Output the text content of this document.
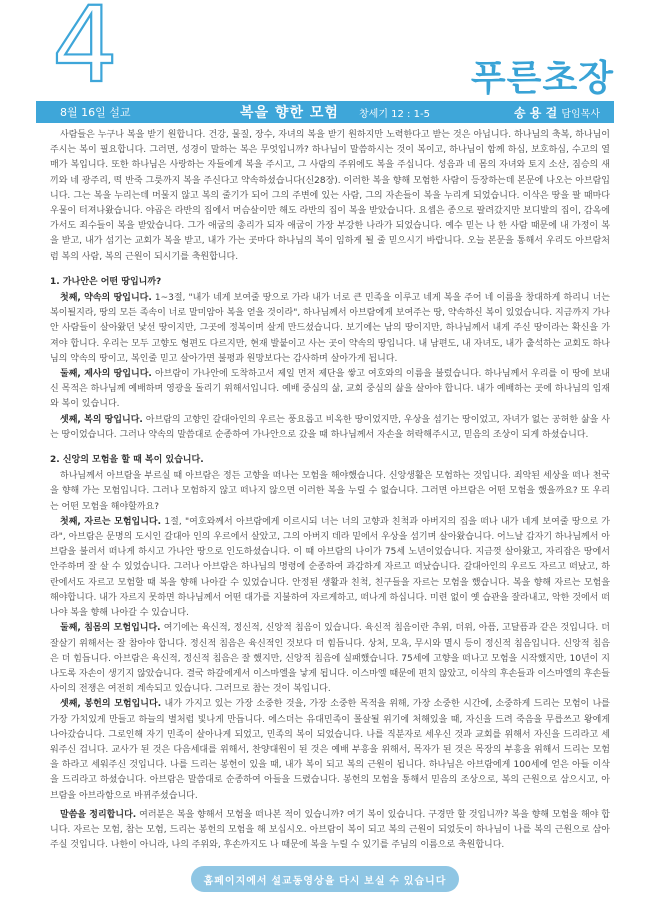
4	푸른초장
8월 16일 설교	복을 향한 모험 창세기 12 : 1-5	송 용 걸 담임목사

사람들은 누구나 복을 받기 원합니다. 건강, 물질, 장수, 자녀의 복을 받기 원하지만 노력한다고 받는 것은 아닙니다. 하나님의 축복, 하나님이 주시는 복이 필요합니다. 그러면, 성경이 말하는 복은 무엇입니까? 하나님이 말씀하시는 것이 복이고, 하나님이 함께 하심, 보호하심, 수고의 열매가 복입니다. 또한 하나님은 사랑하는 자들에게 복을 주시고, 그 사람의 주위에도 복을 주십니다. 성음과 네 몸의 자녀와 토지 소산, 짐승의 새끼와 네 광주리, 떡 반죽 그릇까지 복을 주신다고 약속하셨습니다(신28장). 이러한 복을 향해 모험한 사람이 등장하는데 본문에 나오는 아브람입니다. 그는 복을 누리는데 머물지 않고 복의 줄기가 되어 그의 주변에 있는 사람, 그의 자손들이 복을 누리게 되었습니다. 이삭은 땅을 팔 때마다 우물이 터져나왔습니다. 야곱은 라반의 집에서 머슴살이만 해도 라반의 집이 복을 받았습니다. 요셉은 종으로 팔려갔지만 보디발의 집이, 감옥에 가서도 죄수들이 복을 받았습니다. 그가 애굽의 총리가 되자 애굽이 가장 부강한 나라가 되었습니다. 예수 믿는 나 한 사람 때문에 내 가정이 복을 받고, 내가 섬기는 교회가 복을 받고, 내가 가는 곳마다 하나님의 복이 임하게 될 줄 믿으시기 바랍니다. 오늘 본문을 통해서 우리도 아브람처럼 복의 사람, 복의 근원이 되시기를 축원합니다.

1. 가나안은 어떤 땅입니까?

첫째, 약속의 땅입니다. 1~3절, "내가 네게 보여줄 땅으로 가라 내가 너로 큰 민족을 이루고 네게 복을 주어 네 이름을 창대하게 하리니 너는 복이될지라, 땅의 모든 족속이 너로 말미암아 복을 얻을 것이라", 하나님께서 아브람에게 보여주는 땅, 약속하신 복이 있었습니다. 지금까지 가나안 사람들이 살아왔던 낯선 땅이지만, 그곳에 정복이며 살게 만드셨습니다. 보기에는 남의 땅이지만, 하나님께서 내게 주신 땅이라는 확신을 가져야 합니다. 우리는 모두 고향도 형편도 다르지만, 현재 발붙이고 사는 곳이 약속의 땅입니다. 내 남편도, 내 자녀도, 내가 출석하는 교회도 하나님의 약속의 땅이고, 복인줄 믿고 살아가면 불평과 원망보다는 감사하며 살아가게 됩니다.

둘째, 제사의 땅입니다. 아브람이 가나안에 도착하고서 제일 먼저 제단을 쌓고 여호와의 이름을 불렀습니다. 하나님께서 우리를 이 땅에 보내신 목적은 하나님께 예배하며 영광을 돌리기 위해서입니다. 예배 중심의 삶, 교회 중심의 삶을 살아야 합니다. 내가 예배하는 곳에 하나님의 임재와 복이 있습니다.

셋째, 복의 땅입니다. 아브람의 고향인 갈대아인의 우르는 풍요롭고 비옥한 땅이었지만, 우상을 섬기는 땅이었고, 자녀가 없는 공허한 삶을 사는 땅이었습니다. 그러나 약속의 말씀대로 순종하여 가나안으로 갔을 때 하나님께서 자손을 허락해주시고, 믿음의 조상이 되게 하셨습니다.

2. 신앙의 모험을 할 때 복이 있습니다.

하나님께서 아브람을 부르실 때 아브람은 정든 고향을 떠나는 모험을 해야했습니다. 신앙생활은 모험하는 것입니다. 죄악된 세상을 떠나 천국을 향해 가는 모험입니다. 그러나 모험하지 않고 떠나지 않으면 이러한 복을 누릴 수 없습니다. 그러면 아브람은 어떤 모험을 했을까요? 또 우리는 어떤 모험을 해야할까요?

첫째, 자르는 모험입니다. 1절, "여호와께서 아브람에게 이르시되 너는 너의 고향과 친척과 아버지의 집을 떠나 내가 네게 보여줄 땅으로 가라", 아브람은 문명의 도시인 갈대아 인의 우르에서 살았고, 그의 아버지 데라 밑에서 우상을 섬기며 살아왔습니다. 어느날 갑자기 하나님께서 아브람을 불러서 떠나게 하시고 가나안 땅으로 인도하셨습니다. 이 때 아브람의 나이가 75세 노년이었습니다. 지금껏 살아왔고, 자리잡은 땅에서 안주하며 잘 살 수 있었습니다. 그러나 아브람은 하나님의 명령에 순종하여 과감하게 자르고 떠났습니다. 갈대아인의 우르도 자르고 떠났고, 하란에서도 자르고 모험할 때 복을 향해 나아갈 수 있었습니다. 안정된 생활과 친척, 친구들을 자르는 모험을 했습니다. 복을 향해 자르는 모험을 해야합니다. 내가 자르지 못하면 하나님께서 어떤 대가를 지불하여 자르게하고, 떠나게 하십니다. 미련 없이 옛 습관을 잘라내고, 악한 것에서 떠나야 복을 향해 나아갈 수 있습니다.

둘째, 침몸의 모험입니다. 여기에는 육신적, 정신적, 신앙적 침음이 있습니다. 육신적 침음이란 추위, 더위, 아픔, 고달픔과 같은 것입니다. 더 잘살기 위해서는 잘 참아야 합니다. 정신적 침음은 육신적인 것보다 더 힘듭니다. 상처, 모욕, 무시와 멸시 등이 정신적 침음입니다. 신앙적 침음은 더 힘듭니다. 아브람은 육신적, 정신적 침음은 잘 했지만, 신앙적 침음에 실패했습니다. 75세에 고향을 떠나고 모험을 시작했지만, 10년이 지나도록 자손이 생기지 않았습니다. 결국 하갈에게서 이스마엘을 낳게 됩니다. 이스마엘 때문에 편치 않았고, 이삭의 후손들과 이스마엘의 후손들 사이의 전쟁은 여전히 계속되고 있습니다. 그러므로 참는 것이 복입니다.

셋째, 봉헌의 모험입니다. 내가 가지고 있는 가장 소중한 것을, 가장 소중한 목적을 위해, 가장 소중한 시간에, 소중하게 드리는 모험이 나를 가장 가치있게 만들고 하늘의 별처럼 빛나게 만듭니다. 에스더는 유대민족이 몰살될 위기에 처해있을 때, 자신을 드려 죽음을 무릅쓰고 왕에게 나아갔습니다. 그로인해 자기 민족이 살아나게 되었고, 민족의 복이 되었습니다. 나를 직분자로 세우신 것과 교회를 위해서 자신을 드리라고 세워주신 겁니다. 교사가 된 것은 다음세대를 위해서, 찬양대원이 된 것은 예배 부흥을 위해서, 목자가 된 것은 목장의 부흥을 위해서 드리는 모험을 하라고 세워주신 것입니다. 나를 드리는 봉헌이 있을 때, 내가 복이 되고 복의 근원이 됩니다. 하나님은 아브람에게 100세에 얻은 아들 이삭을 드리라고 하셨습니다. 아브람은 말씀대로 순종하여 아들을 드렸습니다. 봉헌의 모험을 통해서 믿음의 조상으로, 복의 근원으로 삼으시고, 아브람을 아브라함으로 바뀌주셨습니다.

말씀을 정리합니다. 여러분은 복을 향해서 모험을 떠나본 적이 있습니까? 여기 복이 있습니다. 구경만 할 것입니까? 복을 향해 모험을 해야 합니다. 자르는 모험, 참는 모험, 드리는 봉헌의 모험을 해 보십시오. 아브람이 복이 되고 복의 근원이 되었듯이 하나님이 나를 복의 근원으로 삼아주실 것입니다. 나한이 아니라, 나의 주위와, 후손까지도 나 때문에 복을 누릴 수 있기를 주님의 이름으로 축원합니다.

홈페이지에서 설교동영상을 다시 보실 수 있습니다
